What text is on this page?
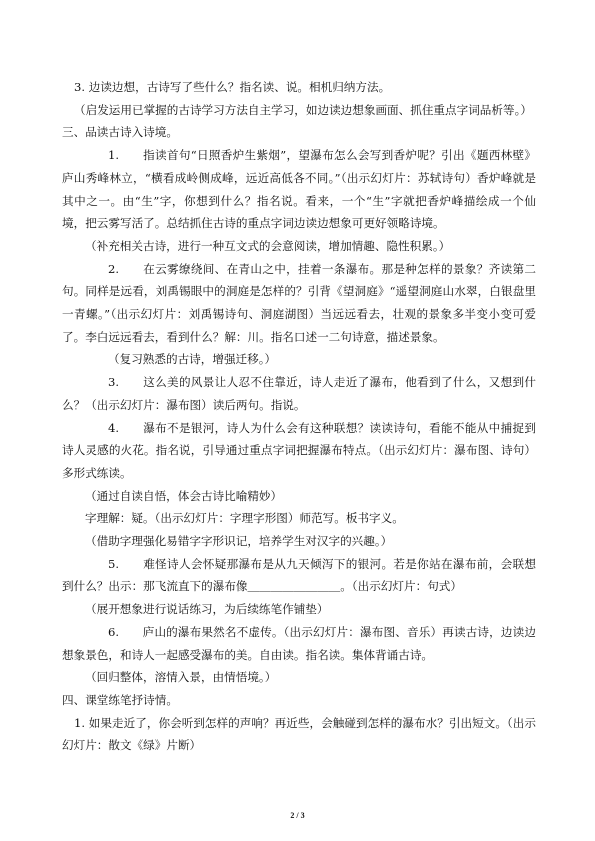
3. 边读边想，古诗写了些什么？指名读、说。相机归纳方法。

（启发运用已掌握的古诗学习方法自主学习，如边读边想象画面、抓住重点字词品析等。）

三、品读古诗入诗境。

1.　　指读首句“日照香炉生紫烟”，望瀑布怎么会写到香炉呢？引出《题西林壁》庐山秀峰林立，“横看成岭侧成峰，远近高低各不同。”（出示幻灯片：苏轼诗句）香炉峰就是其中之一。由“生”字，你想到什么？指名说。看来，一个“生”字就把香炉峰描绘成一个仙境，把云雾写活了。总结抓住古诗的重点字词边读边想象可更好领略诗境。

（补充相关古诗，进行一种互文式的会意阅读，增加情趣、隐性积累。）

2.　　在云雾缭绕间、在青山之中，挂着一条瀑布。那是种怎样的景象？齐读第二句。同样是远看，刘禹锡眼中的洞庭是怎样的？引背《望洞庭》“遥望洞庭山水翠，白银盘里一青螺。”（出示幻灯片：刘禹锡诗句、洞庭湖图）当远远看去，壮观的景象多半变小变可爱了。李白远远看去，看到什么？解：川。指名口述一二句诗意，描述景象。

（复习熟悉的古诗，增强迁移。）

3.　　这么美的风景让人忍不住靠近，诗人走近了瀑布，他看到了什么，又想到什么？（出示幻灯片：瀑布图）读后两句。指说。

4.　　瀑布不是银河，诗人为什么会有这种联想？读读诗句，看能不能从中捕捉到诗人灵感的火花。指名说，引导通过重点字词把握瀑布特点。（出示幻灯片：瀑布图、诗句）多形式练读。

（通过自读自悟，体会古诗比喻精妙）

字理解：疑。（出示幻灯片：字理字形图）师范写。板书字义。

（借助字理强化易错字字形识记，培养学生对汉字的兴趣。）

5.　　难怪诗人会怀疑那瀑布是从九天倾泻下的银河。若是你站在瀑布前，会联想到什么？出示：那飞流直下的瀑布像＿＿＿＿＿＿＿＿。（出示幻灯片：句式）

（展开想象进行说话练习，为后续练笔作铺垫）

6.　　庐山的瀑布果然名不虚传。（出示幻灯片：瀑布图、音乐）再读古诗，边读边想象景色，和诗人一起感受瀑布的美。自由读。指名读。集体背诵古诗。

（回归整体，溶情入景，由情悟境。）

四、课堂练笔抒诗情。

1. 如果走近了，你会听到怎样的声响？再近些，会触碰到怎样的瀑布水？引出短文。（出示幻灯片：散文《绿》片断）

2 / 3
